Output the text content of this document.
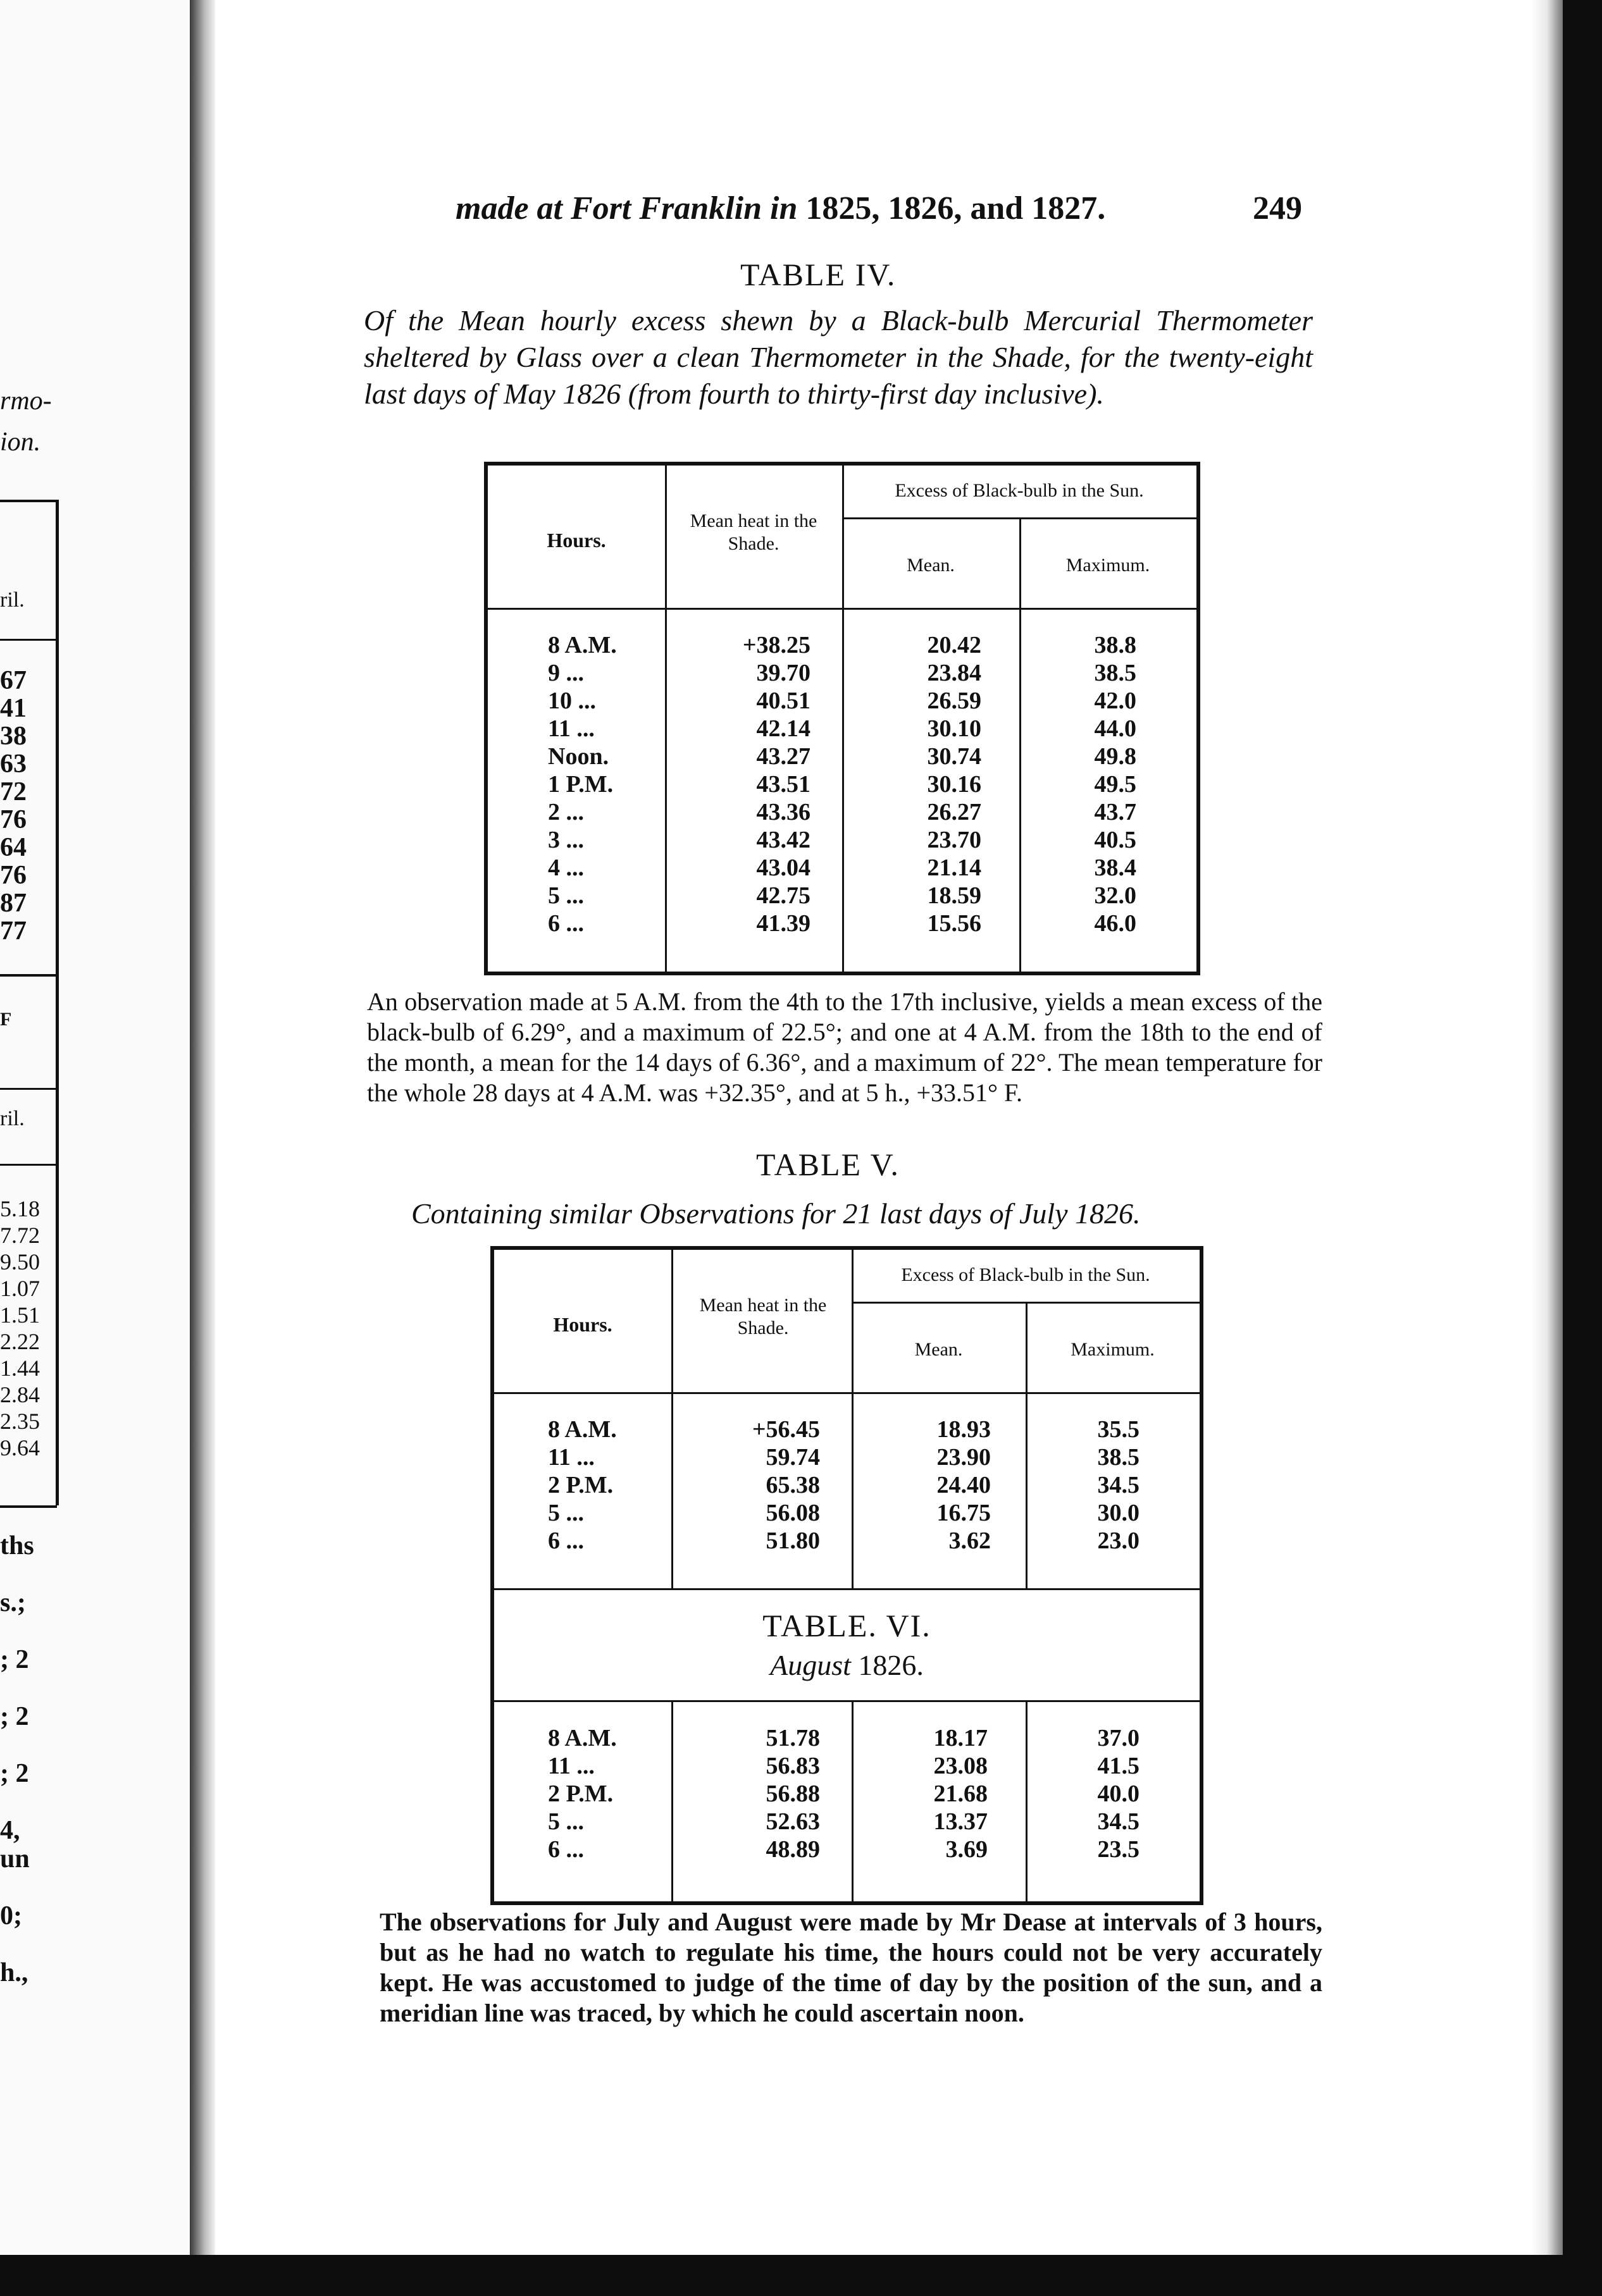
rmo-
ion.
ril.
67
41
38
63
72
76
64
76
87
77
F
ril.
5.18
7.72
9.50
1.07
1.51
2.22
1.44
2.84
2.35
9.64
ths
s.;
; 2
; 2
; 2
4,
un
0;
h.,
made at Fort Franklin in 1825, 1826, and 1827.	249
TABLE IV.
Of the Mean hourly excess shewn by a Black-bulb Mercurial Thermometer sheltered by Glass over a clean Thermometer in the Shade, for the twenty-eight last days of May 1826 (from fourth to thirty-first day inclusive).
Hours.
Mean heat in the Shade.
Excess of Black-bulb in the Sun.
Mean.	Maximum.
8 A.M.	+38.25	20.42	38.8
9 ...	39.70	23.84	38.5
10 ...	40.51	26.59	42.0
11 ...	42.14	30.10	44.0
Noon.	43.27	30.74	49.8
1 P.M.	43.51	30.16	49.5
2 ...	43.36	26.27	43.7
3 ...	43.42	23.70	40.5
4 ...	43.04	21.14	38.4
5 ...	42.75	18.59	32.0
6 ...	41.39	15.56	46.0
An observation made at 5 A.M. from the 4th to the 17th inclusive, yields a mean excess of the black-bulb of 6.29°, and a maximum of 22.5°; and one at 4 A.M. from the 18th to the end of the month, a mean for the 14 days of 6.36°, and a maximum of 22°. The mean temperature for the whole 28 days at 4 A.M. was +32.35°, and at 5 h., +33.51° F.
TABLE V.
Containing similar Observations for 21 last days of July 1826.
Hours.
Mean heat in the Shade.
Excess of Black-bulb in the Sun.
Mean.	Maximum.
8 A.M.	+56.45	18.93	35.5
11 ...	59.74	23.90	38.5
2 P.M.	65.38	24.40	34.5
5 ...	56.08	16.75	30.0
6 ...	51.80	3.62	23.0
TABLE. VI.
August 1826.
8 A.M.	51.78	18.17	37.0
11 ...	56.83	23.08	41.5
2 P.M.	56.88	21.68	40.0
5 ...	52.63	13.37	34.5
6 ...	48.89	3.69	23.5
The observations for July and August were made by Mr Dease at intervals of 3 hours, but as he had no watch to regulate his time, the hours could not be very accurately kept. He was accustomed to judge of the time of day by the position of the sun, and a meridian line was traced, by which he could ascertain noon.
